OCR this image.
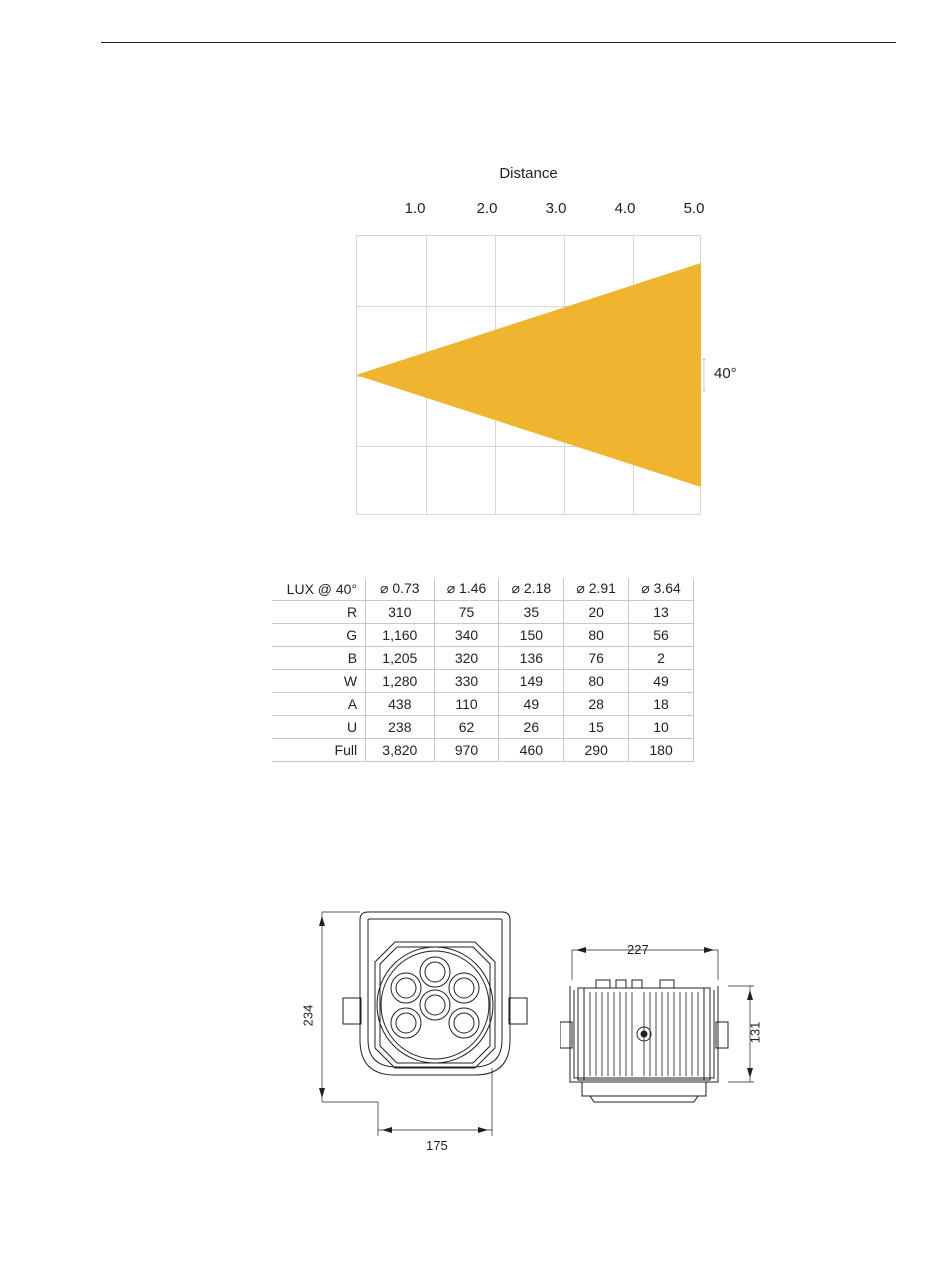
Distance
1.0	2.0	3.0	4.0	5.0
40°
LUX @ 40°	⌀ 0.73	⌀ 1.46	⌀ 2.18	⌀ 2.91	⌀ 3.64
R	310	75	35	20	13
G	1,160	340	150	80	56
B	1,205	320	136	76	2
W	1,280	330	149	80	49
A	438	110	49	28	18
U	238	62	26	15	10
Full	3,820	970	460	290	180
234
175
227
131
